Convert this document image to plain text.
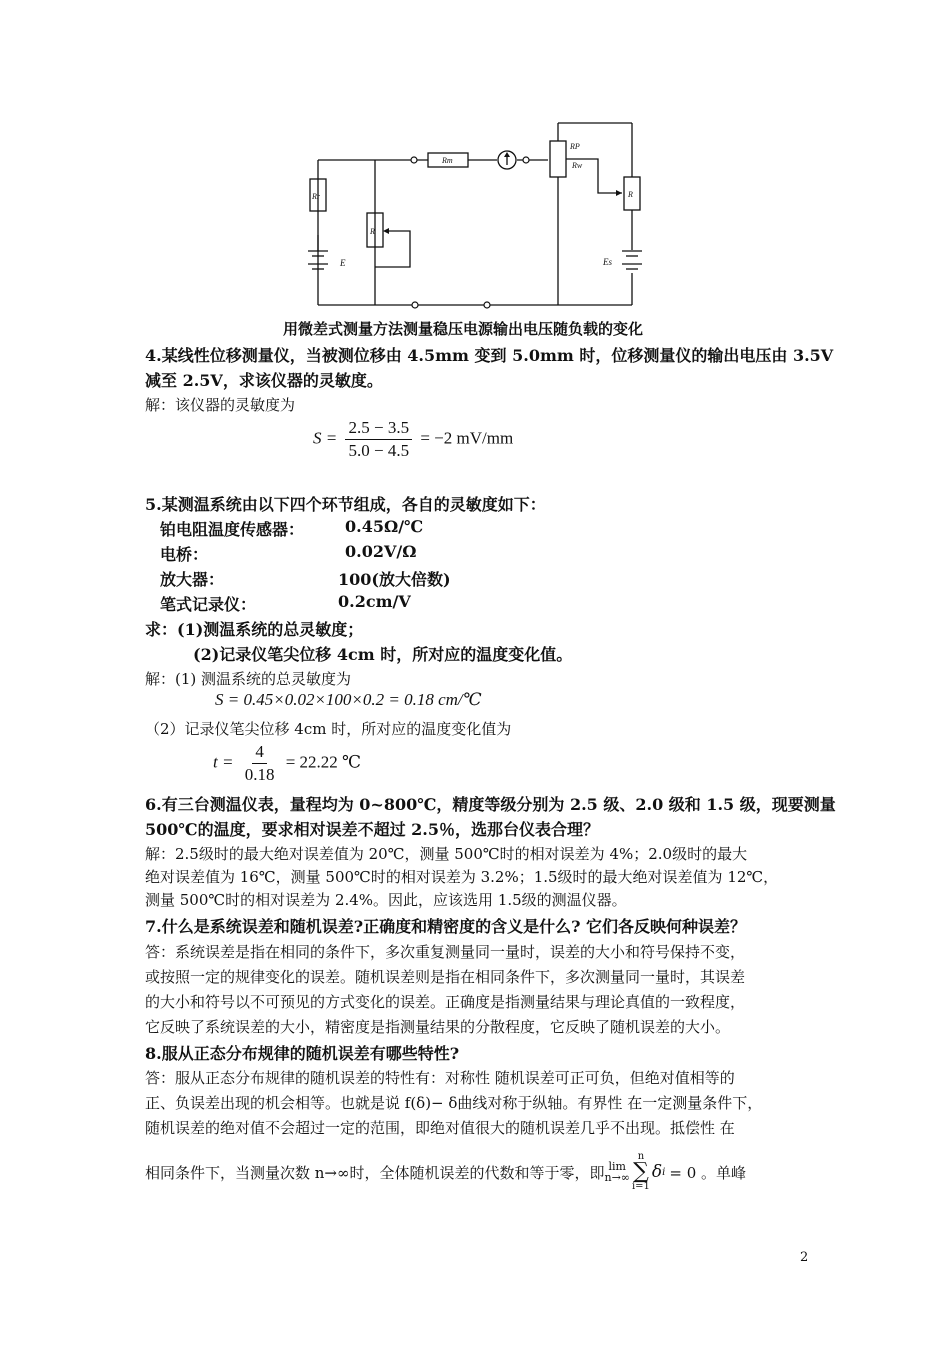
Rm
RP
Rw
Rr
R
R
E	Es
用微差式测量方法测量稳压电源输出电压随负载的变化
4.某线性位移测量仪，当被测位移由 4.5mm 变到 5.0mm 时，位移测量仪的输出电压由 3.5V
减至 2.5V，求该仪器的灵敏度。
解：该仪器的灵敏度为
$S = \frac{2.5 - 3.5}{5.0 - 4.5} = -2$ mV/mm
5.某测温系统由以下四个环节组成，各自的灵敏度如下：
铂电阻温度传感器：	0.45Ω/℃
电桥：	0.02V/Ω
放大器：	100(放大倍数)
笔式记录仪：	0.2cm/V
求：(1)测温系统的总灵敏度；
(2)记录仪笔尖位移 4cm 时，所对应的温度变化值。
解：(1) 测温系统的总灵敏度为
S = 0.45×0.02×100×0.2 = 0.18 cm/℃
（2）记录仪笔尖位移 4cm 时，所对应的温度变化值为
$t = \frac{4}{0.18} = 22.22$ ℃
6.有三台测温仪表，量程均为 0~800℃，精度等级分别为 2.5 级、2.0 级和 1.5 级，现要测量
500℃的温度，要求相对误差不超过 2.5％，选那台仪表合理？
解：2.5级时的最大绝对误差值为 20℃，测量 500℃时的相对误差为 4%；2.0级时的最大
绝对误差值为 16℃，测量 500℃时的相对误差为 3.2%；1.5级时的最大绝对误差值为 12℃，
测量 500℃时的相对误差为 2.4%。因此，应该选用 1.5级的测温仪器。
7.什么是系统误差和随机误差?正确度和精密度的含义是什么? 它们各反映何种误差？
答：系统误差是指在相同的条件下，多次重复测量同一量时，误差的大小和符号保持不变，
或按照一定的规律变化的误差。随机误差则是指在相同条件下，多次测量同一量时，其误差
的大小和符号以不可预见的方式变化的误差。正确度是指测量结果与理论真值的一致程度，
它反映了系统误差的大小，精密度是指测量结果的分散程度，它反映了随机误差的大小。
8.服从正态分布规律的随机误差有哪些特性?
答：服从正态分布规律的随机误差的特性有：对称性 随机误差可正可负，但绝对值相等的
正、负误差出现的机会相等。也就是说 f(δ)− δ曲线对称于纵轴。有界性 在一定测量条件下，
随机误差的绝对值不会超过一定的范围，即绝对值很大的随机误差几乎不出现。抵偿性 在
相同条件下，当测量次数 n→∞时，全体随机误差的代数和等于零，即 lim
n→∞
n
∑
i=1
δ i = 0 。单峰
2
